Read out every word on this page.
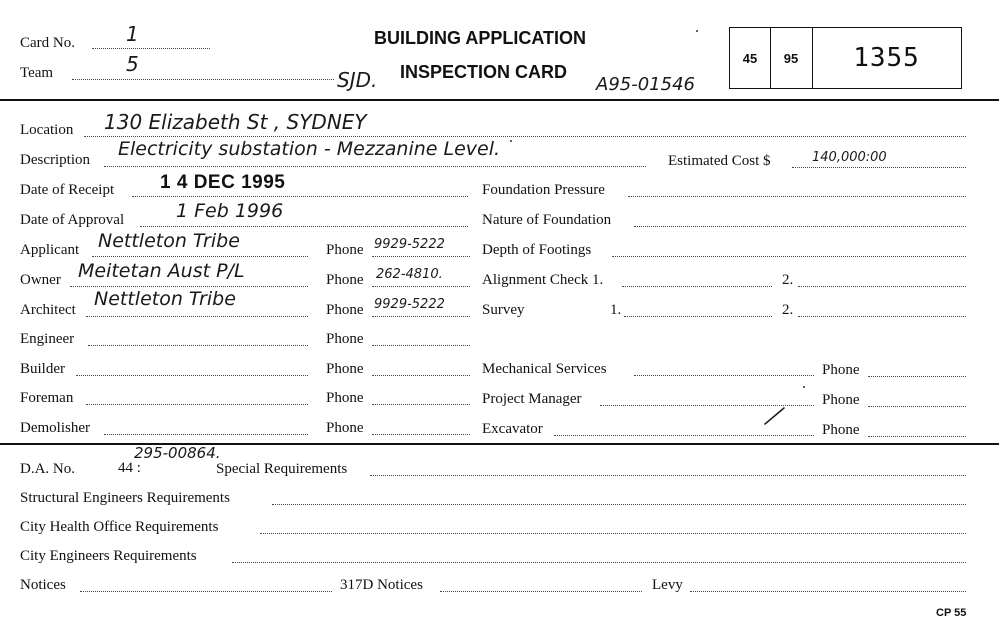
Card No.	1
Team	5
SJD.
BUILDING APPLICATION
INSPECTION CARD
A95-01546
45	95	1355
Location 130 Elizabeth St , SYDNEY
Description Electricity substation - Mezzanine Level.
Date of Receipt 1 4 DEC 1995
Date of Approval	1 Feb 1996
Applicant Nettleton Tribe	Phone 9929-5222
Owner Meitetan Aust P/L	Phone 262-4810.
Architect Nettleton Tribe	Phone 9929-5222
Engineer	Phone
Builder	Phone
Foreman	Phone
Demolisher	Phone
Estimated Cost $	140,000:00
Foundation Pressure
Nature of Foundation
Depth of Footings
Alignment Check 1.	2.
Survey	1.	2.
Mechanical Services	Phone
Project Manager	Phone
Excavator	Phone
295-00864.
D.A. No.	44 :	Special Requirements
Structural Engineers Requirements
City Health Office Requirements
City Engineers Requirements
Notices	317D Notices	Levy
CP 55
